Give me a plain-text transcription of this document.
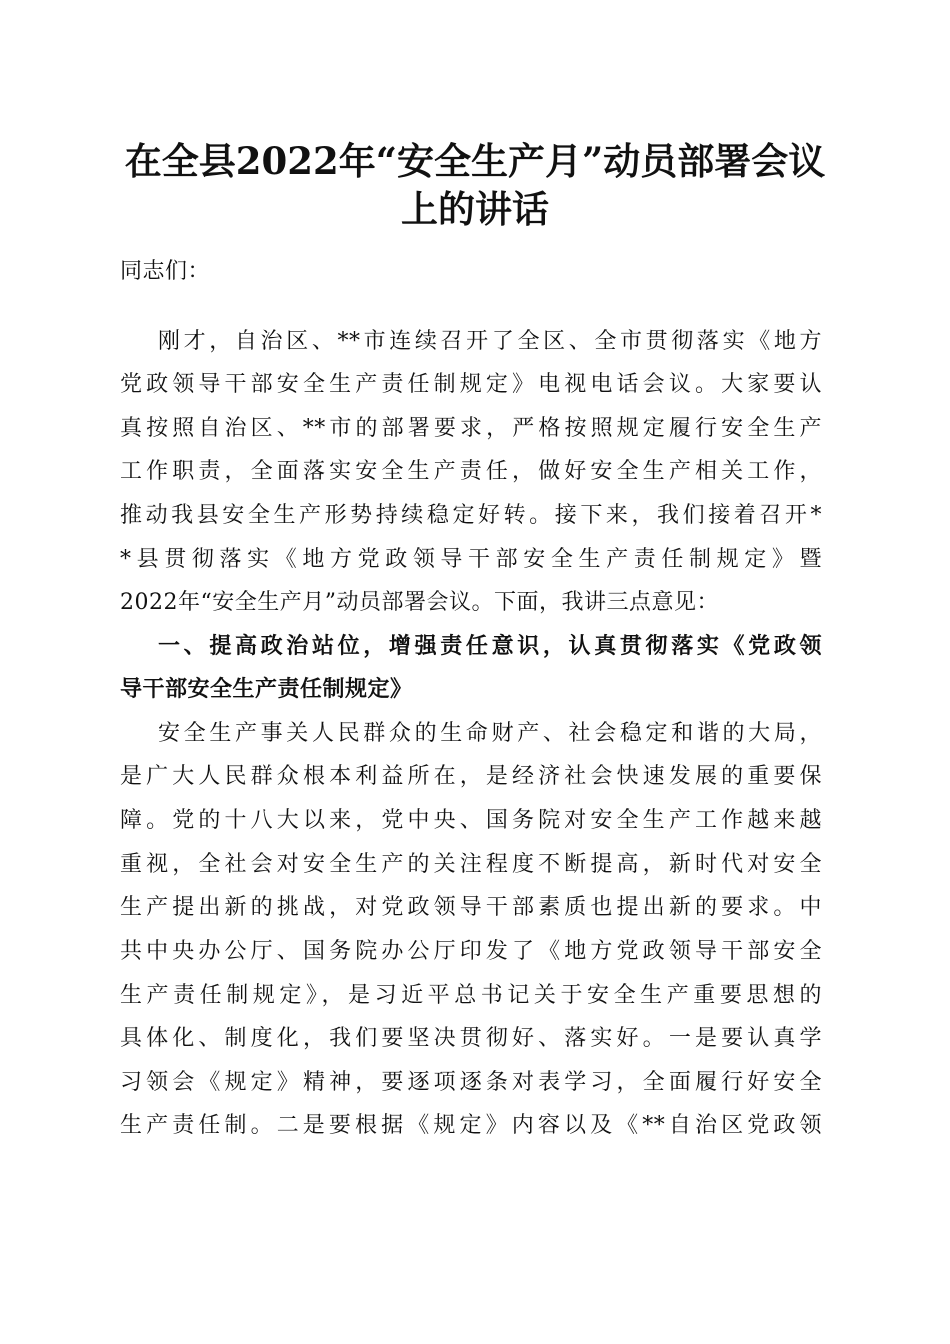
在全县2022年“安全生产月”动员部署会议
上的讲话

同志们：

刚才，自治区、**市连续召开了全区、全市贯彻落实《地方

党政领导干部安全生产责任制规定》电视电话会议。大家要认

真按照自治区、**市的部署要求，严格按照规定履行安全生产

工作职责，全面落实安全生产责任，做好安全生产相关工作，

推动我县安全生产形势持续稳定好转。接下来，我们接着召开*

*县贯彻落实《地方党政领导干部安全生产责任制规定》暨

2022年“安全生产月”动员部署会议。下面，我讲三点意见：

一、提高政治站位，增强责任意识，认真贯彻落实《党政领

导干部安全生产责任制规定》

安全生产事关人民群众的生命财产、社会稳定和谐的大局，

是广大人民群众根本利益所在，是经济社会快速发展的重要保

障。党的十八大以来，党中央、国务院对安全生产工作越来越

重视，全社会对安全生产的关注程度不断提高，新时代对安全

生产提出新的挑战，对党政领导干部素质也提出新的要求。中

共中央办公厅、国务院办公厅印发了《地方党政领导干部安全

生产责任制规定》，是习近平总书记关于安全生产重要思想的

具体化、制度化，我们要坚决贯彻好、落实好。一是要认真学

习领会《规定》精神，要逐项逐条对表学习，全面履行好安全

生产责任制。二是要根据《规定》内容以及《**自治区党政领
